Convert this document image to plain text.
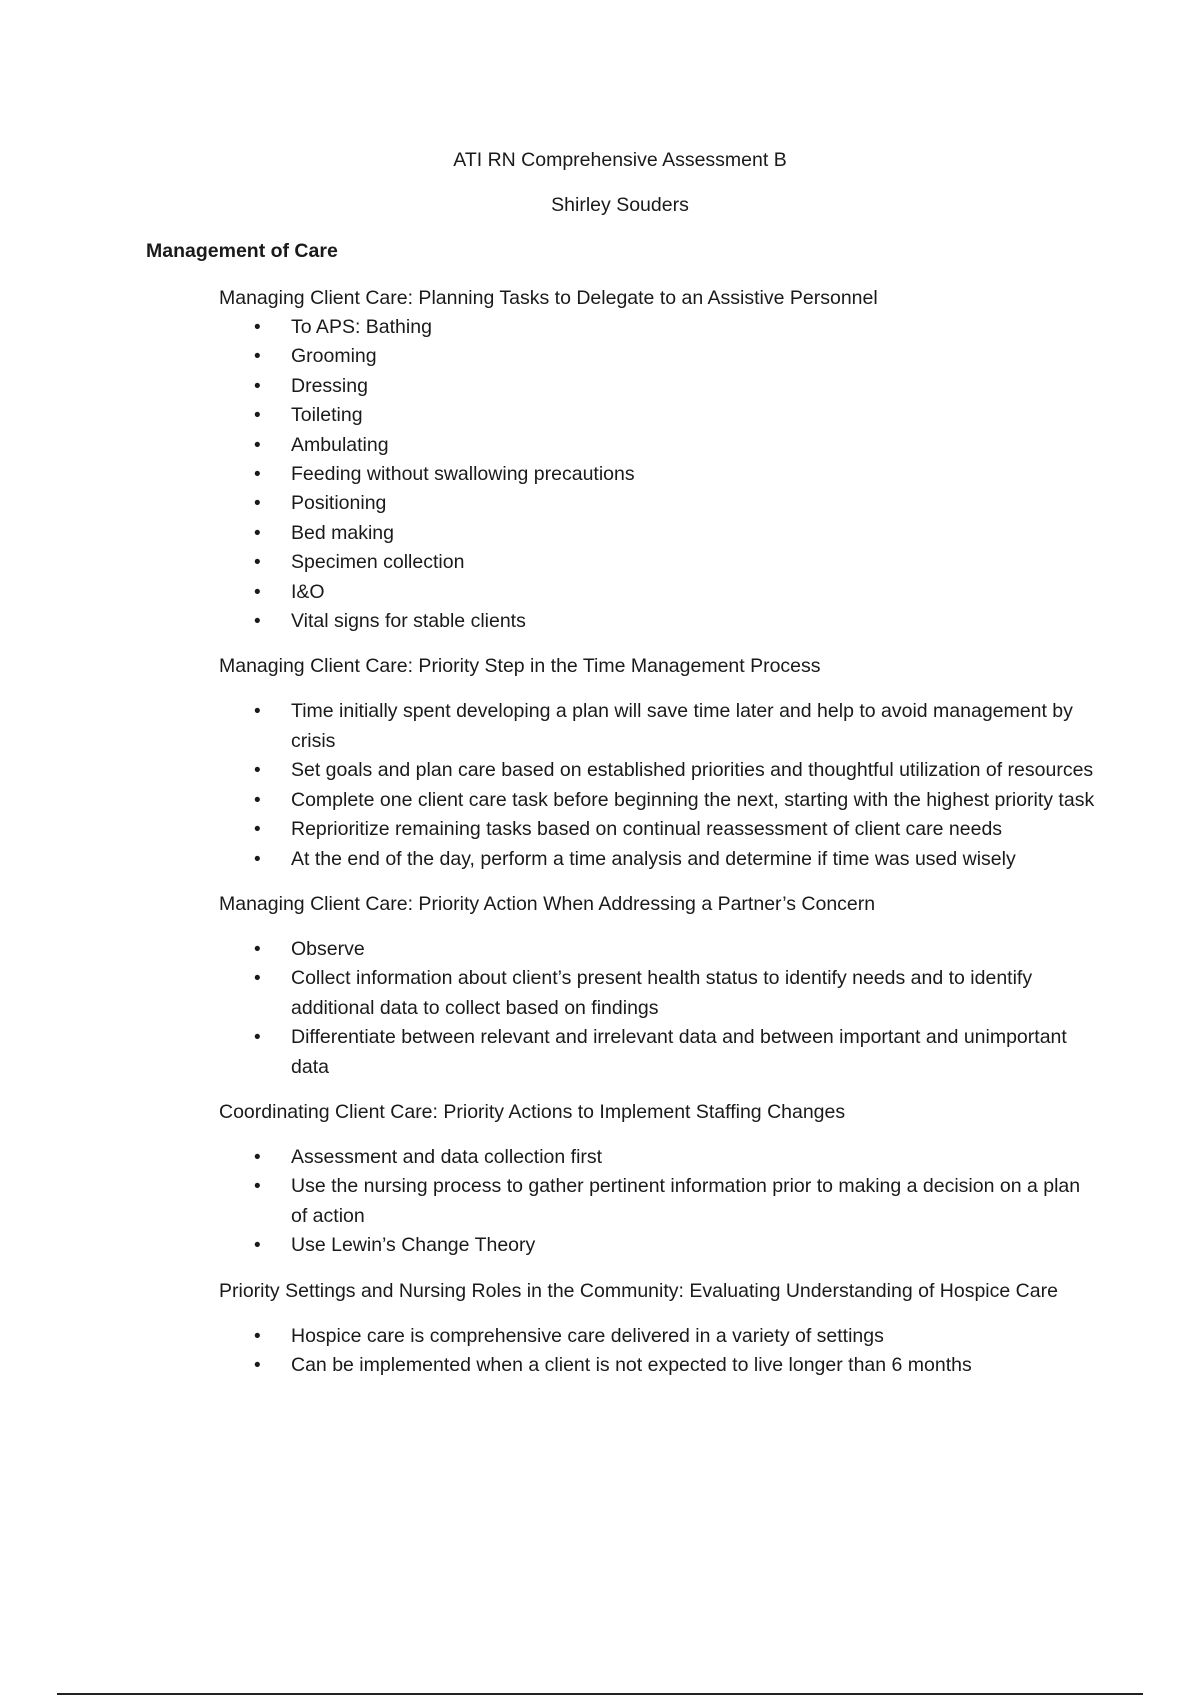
ATI RN Comprehensive Assessment B

Shirley Souders

Management of Care

Managing Client Care: Planning Tasks to Delegate to an Assistive Personnel

• To APS: Bathing
• Grooming
• Dressing
• Toileting
• Ambulating
• Feeding without swallowing precautions
• Positioning
• Bed making
• Specimen collection
• I&O
• Vital signs for stable clients

Managing Client Care: Priority Step in the Time Management Process

• Time initially spent developing a plan will save time later and help to avoid management by crisis
• Set goals and plan care based on established priorities and thoughtful utilization of resources
• Complete one client care task before beginning the next, starting with the highest priority task
• Reprioritize remaining tasks based on continual reassessment of client care needs
• At the end of the day, perform a time analysis and determine if time was used wisely

Managing Client Care: Priority Action When Addressing a Partner’s Concern

• Observe
• Collect information about client’s present health status to identify needs and to identify additional data to collect based on findings
• Differentiate between relevant and irrelevant data and between important and unimportant data

Coordinating Client Care: Priority Actions to Implement Staffing Changes

• Assessment and data collection first
• Use the nursing process to gather pertinent information prior to making a decision on a plan of action
• Use Lewin’s Change Theory

Priority Settings and Nursing Roles in the Community: Evaluating Understanding of Hospice Care

• Hospice care is comprehensive care delivered in a variety of settings
• Can be implemented when a client is not expected to live longer than 6 months
